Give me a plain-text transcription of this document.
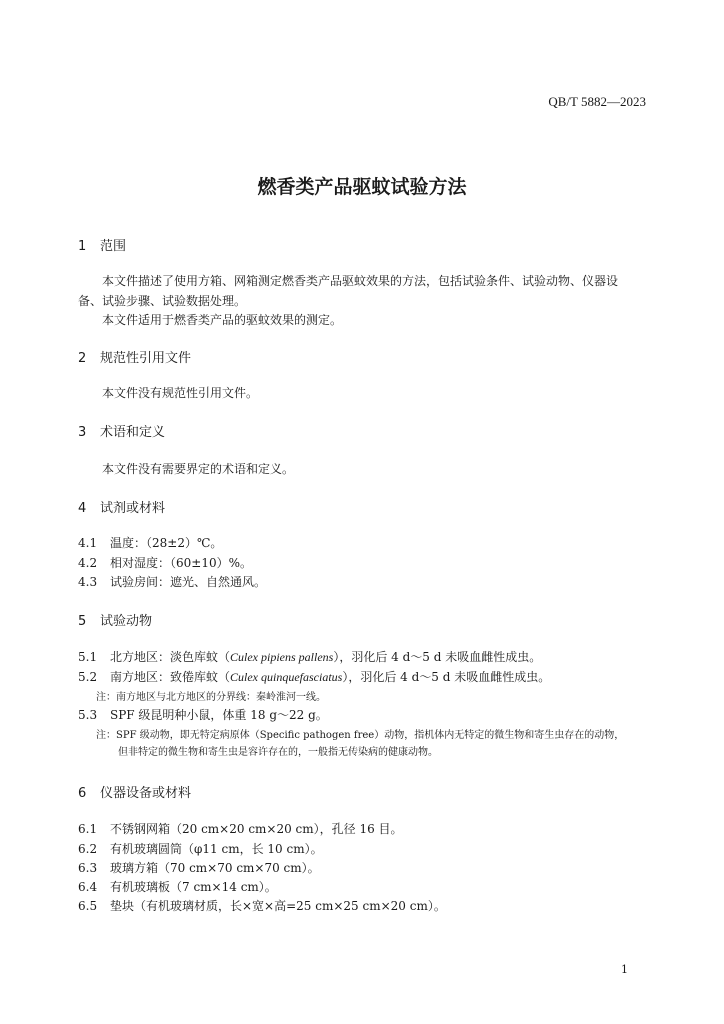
QB/T 5882—2023
燃香类产品驱蚊试验方法
1 范围
本文件描述了使用方箱、网箱测定燃香类产品驱蚊效果的方法，包括试验条件、试验动物、仪器设
备、试验步骤、试验数据处理。
本文件适用于燃香类产品的驱蚊效果的测定。
2 规范性引用文件
本文件没有规范性引用文件。
3 术语和定义
本文件没有需要界定的术语和定义。
4 试剂或材料
4.1 温度：（28±2）℃。
4.2 相对湿度：（60±10）%。
4.3 试验房间：遮光、自然通风。
5 试验动物
5.1 北方地区：淡色库蚊（Culex pipiens pallens），羽化后 4 d～5 d 未吸血雌性成虫。
5.2 南方地区：致倦库蚊（Culex quinquefasciatus），羽化后 4 d～5 d 未吸血雌性成虫。
注：南方地区与北方地区的分界线：秦岭淮河一线。
5.3 SPF 级昆明种小鼠，体重 18 g～22 g。
注：SPF 级动物，即无特定病原体（Specific pathogen free）动物，指机体内无特定的微生物和寄生虫存在的动物，
但非特定的微生物和寄生虫是容许存在的，一般指无传染病的健康动物。
6 仪器设备或材料
6.1 不锈钢网箱（20 cm×20 cm×20 cm），孔径 16 目。
6.2 有机玻璃圆筒（φ11 cm，长 10 cm）。
6.3 玻璃方箱（70 cm×70 cm×70 cm）。
6.4 有机玻璃板（7 cm×14 cm）。
6.5 垫块（有机玻璃材质，长×宽×高=25 cm×25 cm×20 cm）。
1
